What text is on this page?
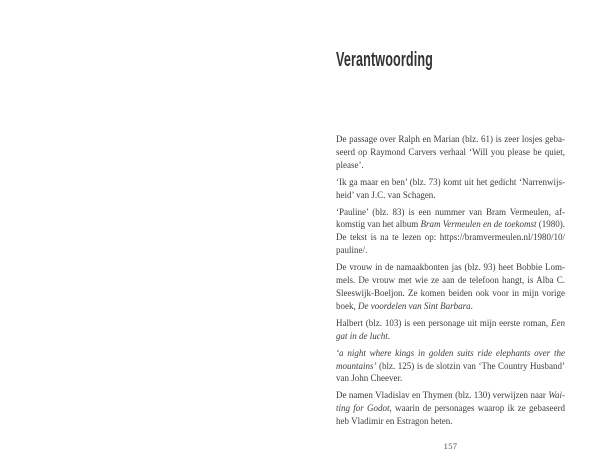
Verantwoording
De passage over Ralph en Marian (blz. 61) is zeer losjes geba-
seerd op Raymond Carvers verhaal ‘Will you please be quiet,
please’.
‘Ik ga maar en ben’ (blz. 73) komt uit het gedicht ‘Narrenwijs-
heid’ van J.C. van Schagen.
‘Pauline’ (blz. 83) is een nummer van Bram Vermeulen, af-
komstig van het album Bram Vermeulen en de toekomst (1980).
De tekst is na te lezen op: https://bramvermeulen.nl/1980/10/
pauline/.
De vrouw in de namaakbonten jas (blz. 93) heet Bobbie Lom-
mels. De vrouw met wie ze aan de telefoon hangt, is Alba C.
Sleeswijk-Boeljon. Ze komen beiden ook voor in mijn vorige
boek, De voordelen van Sint Barbara.
Halbert (blz. 103) is een personage uit mijn eerste roman, Een
gat in de lucht.
‘a night where kings in golden suits ride elephants over the
mountains’ (blz. 125) is de slotzin van ‘The Country Husband’
van John Cheever.
De namen Vladislav en Thymen (blz. 130) verwijzen naar Wai-
ting for Godot, waarin de personages waarop ik ze gebaseerd
heb Vladimir en Estragon heten.
157
